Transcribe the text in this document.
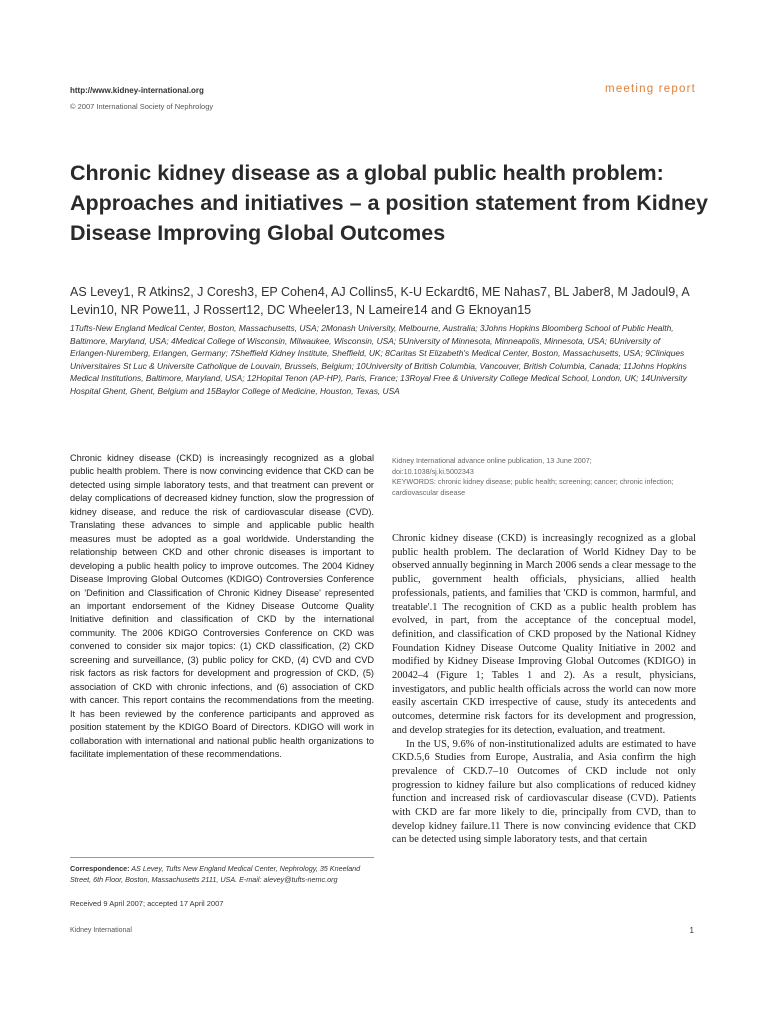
http://www.kidney-international.org
© 2007 International Society of Nephrology
meeting report
Chronic kidney disease as a global public health problem: Approaches and initiatives – a position statement from Kidney Disease Improving Global Outcomes
AS Levey1, R Atkins2, J Coresh3, EP Cohen4, AJ Collins5, K-U Eckardt6, ME Nahas7, BL Jaber8, M Jadoul9, A Levin10, NR Powe11, J Rossert12, DC Wheeler13, N Lameire14 and G Eknoyan15
1Tufts-New England Medical Center, Boston, Massachusetts, USA; 2Monash University, Melbourne, Australia; 3Johns Hopkins Bloomberg School of Public Health, Baltimore, Maryland, USA; 4Medical College of Wisconsin, Milwaukee, Wisconsin, USA; 5University of Minnesota, Minneapolis, Minnesota, USA; 6University of Erlangen-Nuremberg, Erlangen, Germany; 7Sheffield Kidney Institute, Sheffield, UK; 8Caritas St Elizabeth's Medical Center, Boston, Massachusetts, USA; 9Cliniques Universitaires St Luc & Universite Catholique de Louvain, Brussels, Belgium; 10University of British Columbia, Vancouver, British Columbia, Canada; 11Johns Hopkins Medical Institutions, Baltimore, Maryland, USA; 12Hopital Tenon (AP-HP), Paris, France; 13Royal Free & University College Medical School, London, UK; 14University Hospital Ghent, Ghent, Belgium and 15Baylor College of Medicine, Houston, Texas, USA

Chronic kidney disease (CKD) is increasingly recognized as a global public health problem. There is now convincing evidence that CKD can be detected using simple laboratory tests, and that treatment can prevent or delay complications of decreased kidney function, slow the progression of kidney disease, and reduce the risk of cardiovascular disease (CVD). Translating these advances to simple and applicable public health measures must be adopted as a goal worldwide. Understanding the relationship between CKD and other chronic diseases is important to developing a public health policy to improve outcomes. The 2004 Kidney Disease Improving Global Outcomes (KDIGO) Controversies Conference on 'Definition and Classification of Chronic Kidney Disease' represented an important endorsement of the Kidney Disease Outcome Quality Initiative definition and classification of CKD by the international community. The 2006 KDIGO Controversies Conference on CKD was convened to consider six major topics: (1) CKD classification, (2) CKD screening and surveillance, (3) public policy for CKD, (4) CVD and CVD risk factors as risk factors for development and progression of CKD, (5) association of CKD with chronic infections, and (6) association of CKD with cancer. This report contains the recommendations from the meeting. It has been reviewed by the conference participants and approved as position statement by the KDIGO Board of Directors. KDIGO will work in collaboration with international and national public health organizations to facilitate implementation of these recommendations.

Correspondence: AS Levey, Tufts New England Medical Center, Nephrology, 35 Kneeland Street, 6th Floor, Boston, Massachusetts 2111, USA. E-mail: alevey@tufts-nemc.org
Received 9 April 2007; accepted 17 April 2007
Kidney International advance online publication, 13 June 2007;
doi:10.1038/sj.ki.5002343
KEYWORDS: chronic kidney disease; public health; screening; cancer; chronic infection; cardiovascular disease

Chronic kidney disease (CKD) is increasingly recognized as a global public health problem. The declaration of World Kidney Day to be observed annually beginning in March 2006 sends a clear message to the public, government health officials, physicians, allied health professionals, patients, and families that 'CKD is common, harmful, and treatable'.1 The recognition of CKD as a public health problem has evolved, in part, from the acceptance of the conceptual model, definition, and classification of CKD proposed by the National Kidney Foundation Kidney Disease Outcome Quality Initiative in 2002 and modified by Kidney Disease Improving Global Outcomes (KDIGO) in 20042–4 (Figure 1; Tables 1 and 2). As a result, physicians, investigators, and public health officials across the world can now more easily ascertain CKD irrespective of cause, study its antecedents and outcomes, determine risk factors for its development and progression, and develop strategies for its detection, evaluation, and treatment.

In the US, 9.6% of non-institutionalized adults are estimated to have CKD.5,6 Studies from Europe, Australia, and Asia confirm the high prevalence of CKD.7–10 Outcomes of CKD include not only progression to kidney failure but also complications of reduced kidney function and increased risk of cardiovascular disease (CVD). Patients with CKD are far more likely to die, principally from CVD, than to develop kidney failure.11 There is now convincing evidence that CKD can be detected using simple laboratory tests, and that certain

Kidney International	1
